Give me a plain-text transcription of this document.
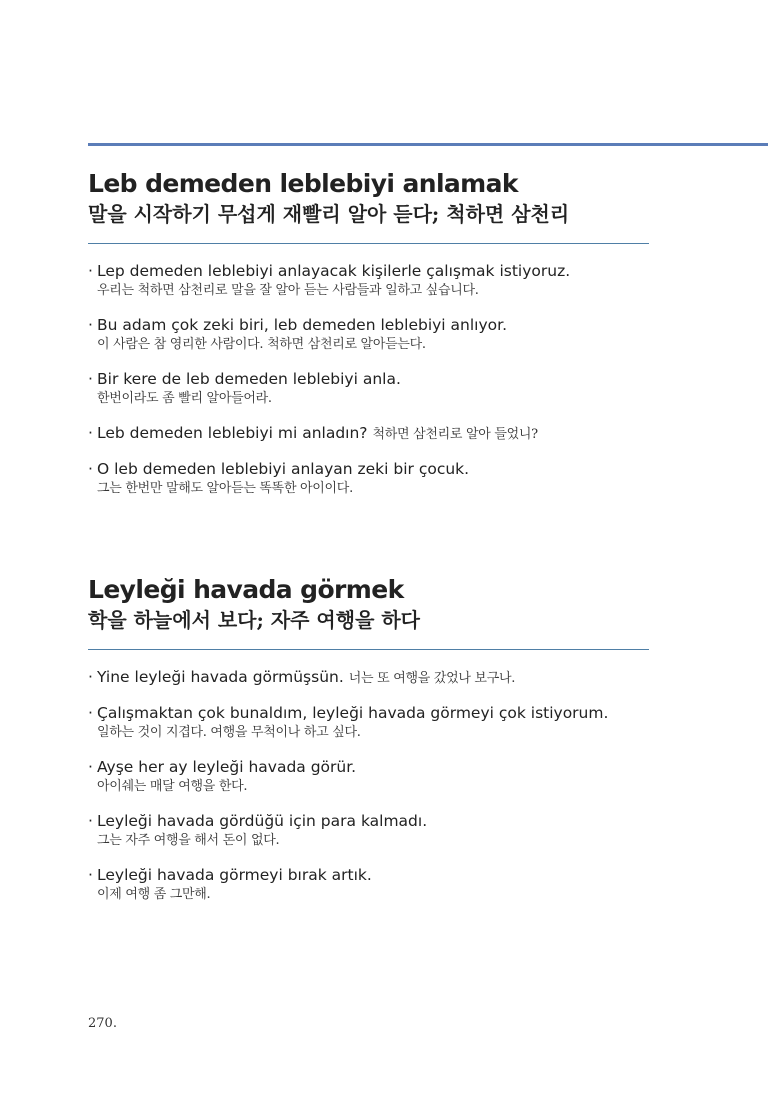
Leb demeden leblebiyi anlamak
말을 시작하기 무섭게 재빨리 알아 듣다; 척하면 삼천리
· Lep demeden leblebiyi anlayacak kişilerle çalışmak istiyoruz.
우리는 척하면 삼천리로 말을 잘 알아 듣는 사람들과 일하고 싶습니다.
· Bu adam çok zeki biri, leb demeden leblebiyi anlıyor.
이 사람은 참 영리한 사람이다. 척하면 삼천리로 알아듣는다.
· Bir kere de leb demeden leblebiyi anla.
한번이라도 좀 빨리 알아들어라.
· Leb demeden leblebiyi mi anladın? 척하면 삼천리로 알아 들었니?
· O leb demeden leblebiyi anlayan zeki bir çocuk.
그는 한번만 말해도 알아듣는 똑똑한 아이이다.
Leyleği havada görmek
학을 하늘에서 보다; 자주 여행을 하다
· Yine leyleği havada görmüşsün. 너는 또 여행을 갔었나 보구나.
· Çalışmaktan çok bunaldım, leyleği havada görmeyi çok istiyorum.
일하는 것이 지겹다. 여행을 무척이나 하고 싶다.
· Ayşe her ay leyleği havada görür.
아이쉐는 매달 여행을 한다.
· Leyleği havada gördüğü için para kalmadı.
그는 자주 여행을 해서 돈이 없다.
· Leyleği havada görmeyi bırak artık.
이제 여행 좀 그만해.
270.
